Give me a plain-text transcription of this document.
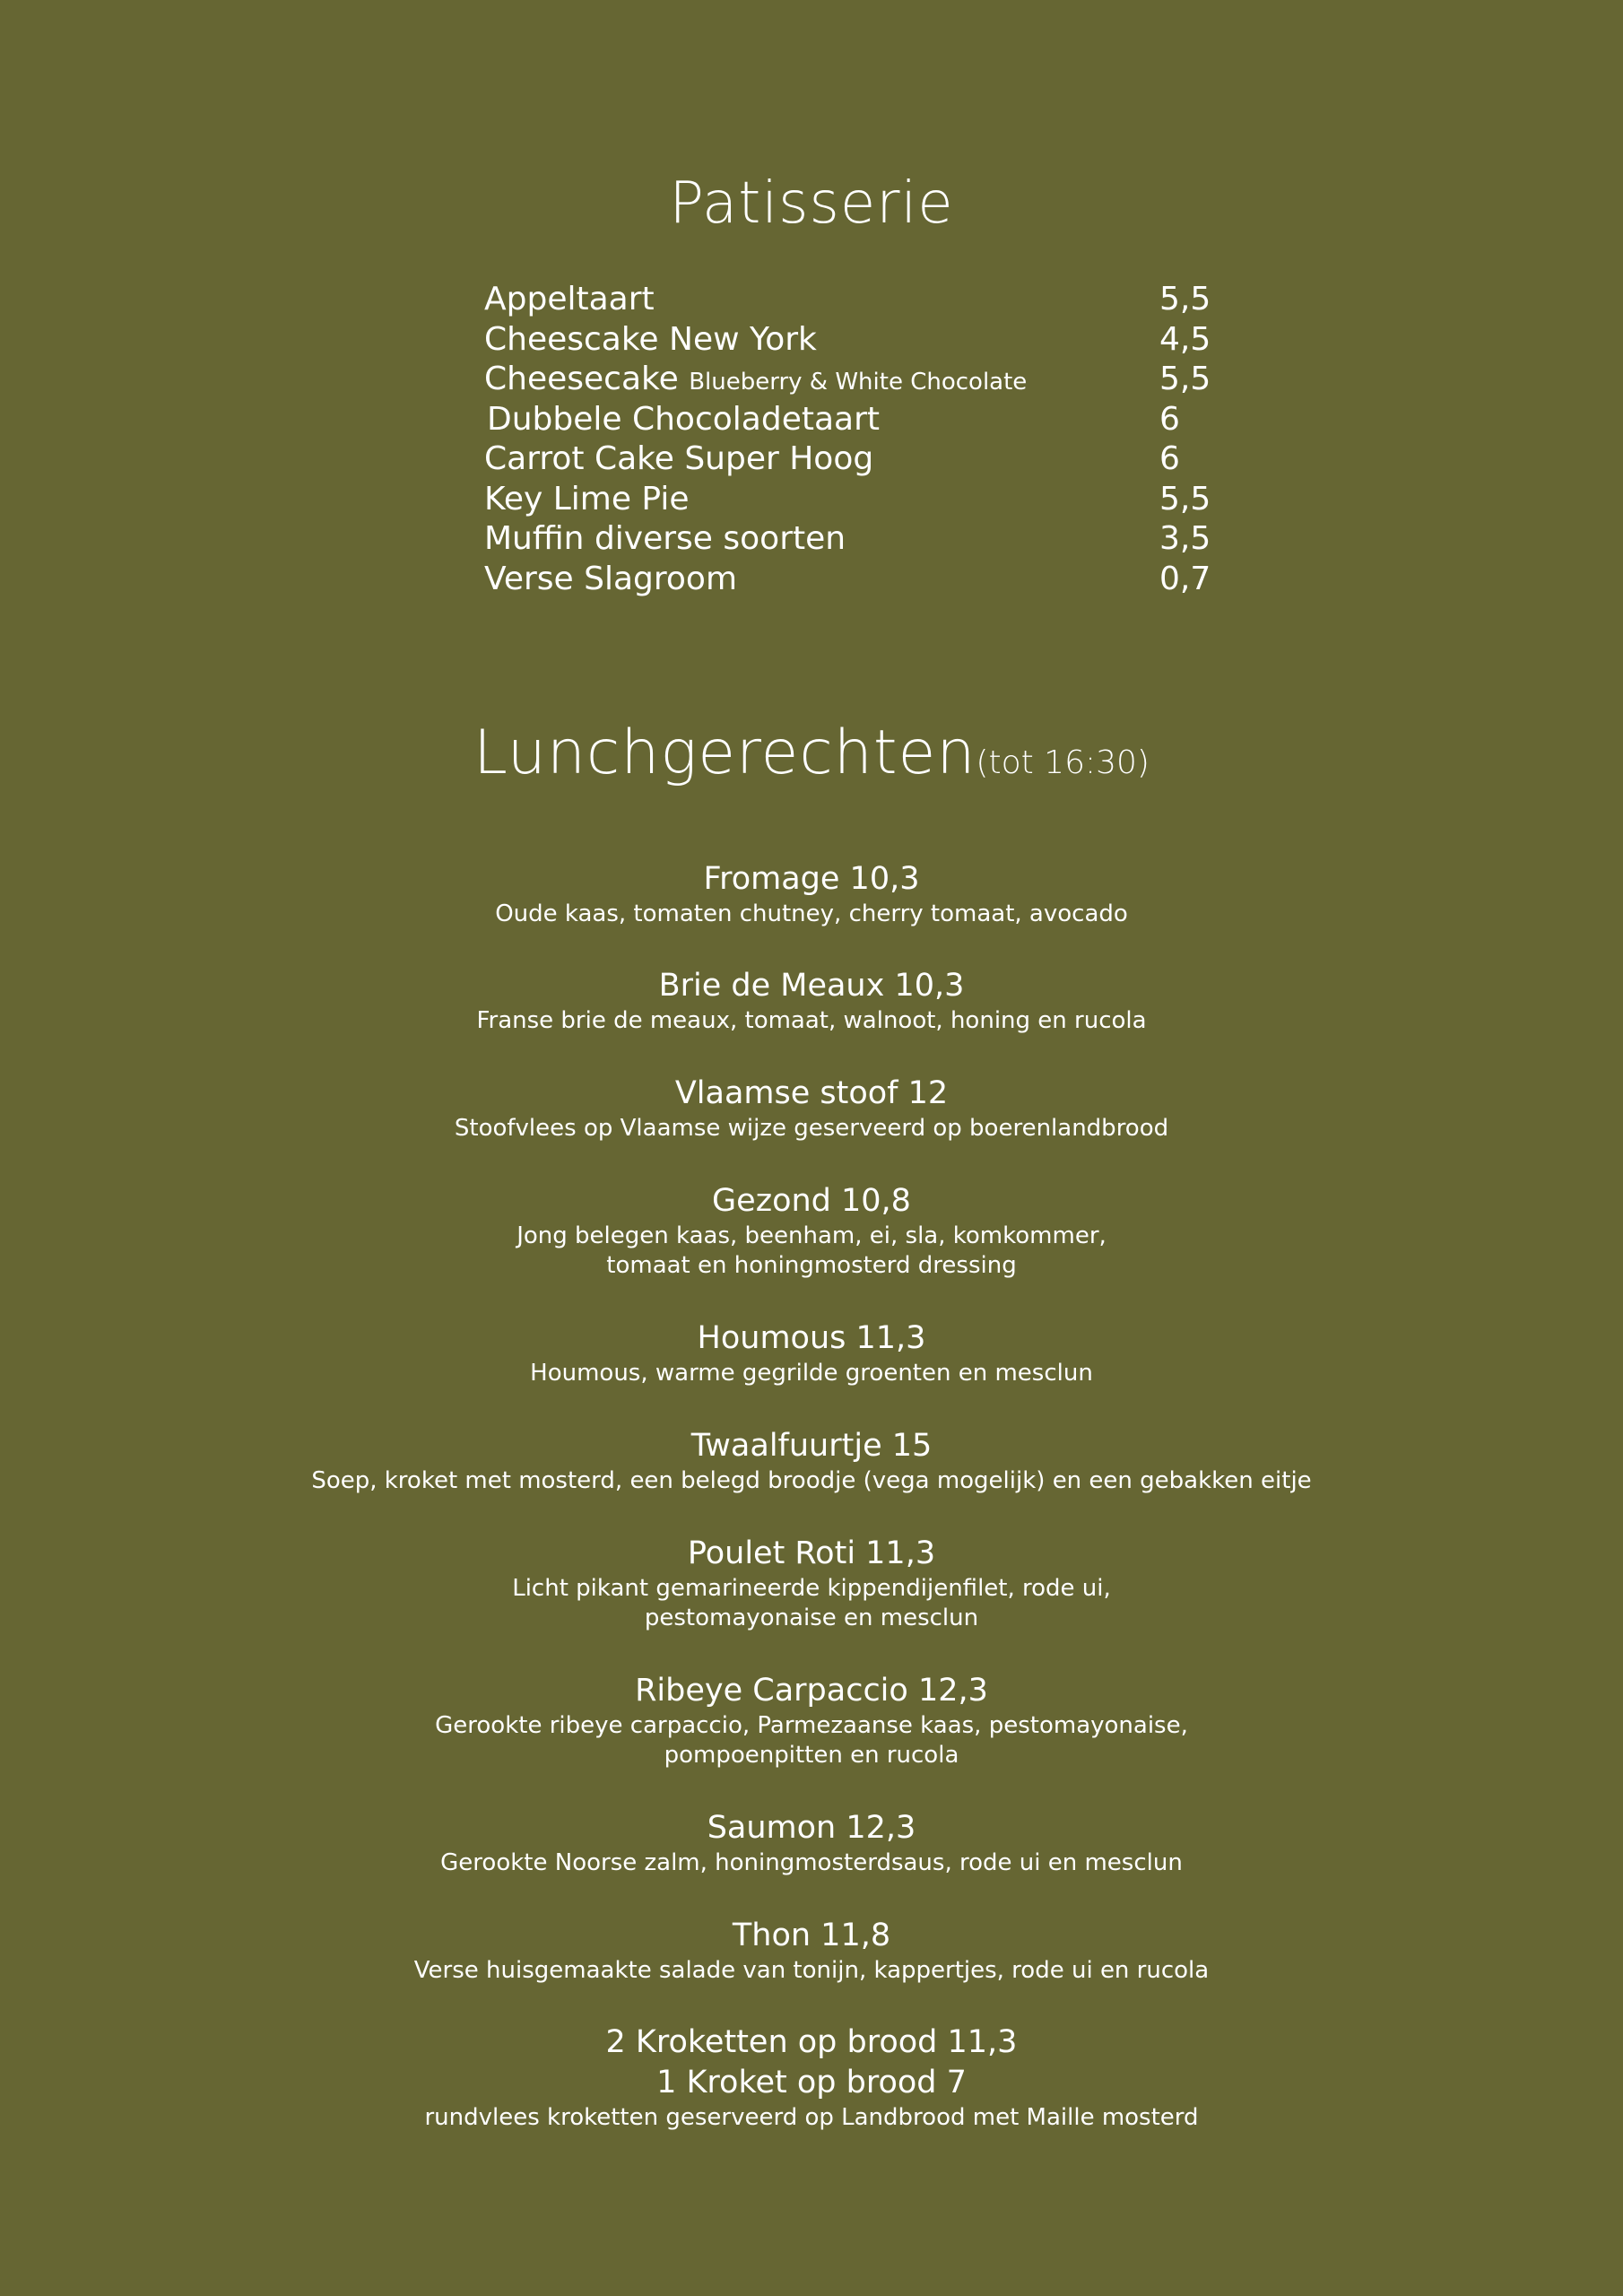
Patisserie
Appeltaart	5,5
Cheescake New York	4,5
Cheesecake Blueberry & White Chocolate	5,5
Dubbele Chocoladetaart	6
Carrot Cake Super Hoog	6
Key Lime Pie	5,5
Muffin diverse soorten	3,5
Verse Slagroom	0,7
Lunchgerechten(tot 16:30)
Fromage 10,3
Oude kaas, tomaten chutney, cherry tomaat, avocado
Brie de Meaux 10,3
Franse brie de meaux, tomaat, walnoot, honing en rucola
Vlaamse stoof 12
Stoofvlees op Vlaamse wijze geserveerd op boerenlandbrood
Gezond 10,8
Jong belegen kaas, beenham, ei, sla, komkommer,
tomaat en honingmosterd dressing
Houmous 11,3
Houmous, warme gegrilde groenten en mesclun
Twaalfuurtje 15
Soep, kroket met mosterd, een belegd broodje (vega mogelijk) en een gebakken eitje
Poulet Roti 11,3
Licht pikant gemarineerde kippendijenfilet, rode ui,
pestomayonaise en mesclun
Ribeye Carpaccio 12,3
Gerookte ribeye carpaccio, Parmezaanse kaas, pestomayonaise,
pompoenpitten en rucola
Saumon 12,3
Gerookte Noorse zalm, honingmosterdsaus, rode ui en mesclun
Thon 11,8
Verse huisgemaakte salade van tonijn, kappertjes, rode ui en rucola
2 Kroketten op brood 11,3
1 Kroket op brood 7
rundvlees kroketten geserveerd op Landbrood met Maille mosterd
